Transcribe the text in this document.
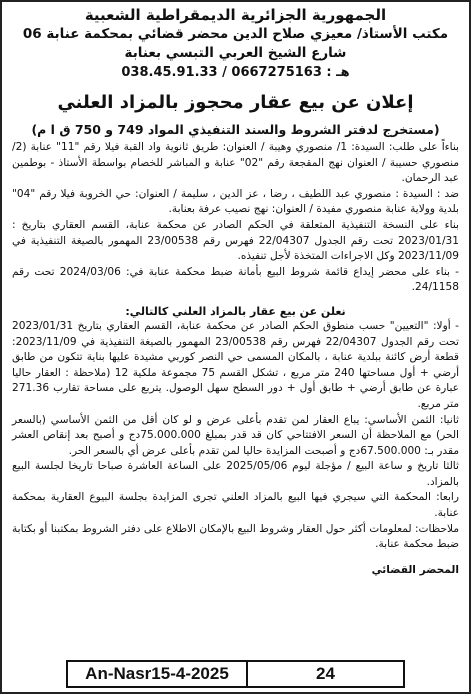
الجمهورية الجزائرية الديمقراطية الشعبية
مكتب الأستاذ/ معيزي صلاح الدين محضر قضائي بمحكمة عنابة 06
شارع الشيخ العربي التبسي بعنابة
هـ : 0667275163 / 038.45.91.33
إعلان عن بيع عقار محجوز بالمزاد العلني
(مستخرج لدفتر الشروط والسند التنفيذي المواد 749 و 750 ق ا م)

بناءاً على طلب: السيدة: 1/ منصوري وهيبة / العنوان: طريق ثانوية واد القبة فيلا رقم "11" عنابة (2/ منصوري حسيبة / العنوان نهج المقجعة رقم "02" عنابة و المباشر للخصام بواسطة الأستاذ - بوطمين عبد الرحمان.

ضد : السيدة : منصوري عبد اللطيف ، رضا ، عز الدين ، سليمة / العنوان: حي الخروبة فيلا رقم "04" بلدية وولاية عنابة منصوري مفيدة / العنوان: نهج نصيب عرفة بعنابة.

بناء على النسخة التنفيذية المتعلقة في الحكم الصادر عن محكمة عنابة، القسم العقاري بتاريخ : 2023/01/31 تحت رقم الجدول 22/04307 فهرس رقم 23/00538 المهمور بالصيغة التنفيذية في 2023/11/09 وكل الاجراءات المتخذة لأجل تنفيذه.

- بناء على محضر إيداع قائمة شروط البيع بأمانة ضبط محكمة عنابة في: 2024/03/06 تحت رقم 24/1158.

نعلن عن بيع عقار بالمزاد العلني كالتالي:

- أولا: "التعيين" حسب منطوق الحكم الصادر عن محكمة عنابة، القسم العقاري بتاريخ 2023/01/31 تحت رقم الجدول 22/04307 فهرس رقم 23/00538 المهمور بالصيغة التنفيذية في 2023/11/09: قطعة أرض كائنة ببلدية عنابة ، بالمكان المسمى حي النصر كوربي مشيدة عليها بناية تتكون من طابق أرضي + أول مساحتها 240 متر مربع ، تشكل القسم 75 مجموعة ملكية 12 (ملاحظة : العقار حاليا عبارة عن طابق أرضي + طابق أول + دور السطح سهل الوصول. يتربع على مساحة تقارب 271.36 متر مربع.

ثانيا: الثمن الأساسي: يباع العقار لمن تقدم بأعلى عرض و لو كان أقل من الثمن الأساسي (بالسعر الحر) مع الملاحظة أن السعر الافتتاحي كان قد قدر بمبلغ 75.000.000دج و أصبح بعد إنقاص العشر مقدر بـ: 67.500.000دج و أصبحت المزايدة حاليا لمن تقدم بأعلى عرض أي بالسعر الحر.

ثالثا تاريخ و ساعة البيع / مؤجلة ليوم 2025/05/06 على الساعة العاشرة صباحا تاريخا لجلسة البيع بالمزاد.

رابعا: المحكمة التي سيجري فيها البيع بالمزاد العلني تجرى المزايدة بجلسة البيوع العقارية بمحكمة عنابة.

ملاحظات: لمعلومات أكثر حول العقار وشروط البيع بالإمكان الاطلاع على دفتر الشروط بمكتبنا أو بكتابة ضبط محكمة عنابة.

المحضر القضائي
An-Nasr15-4-2025	24
